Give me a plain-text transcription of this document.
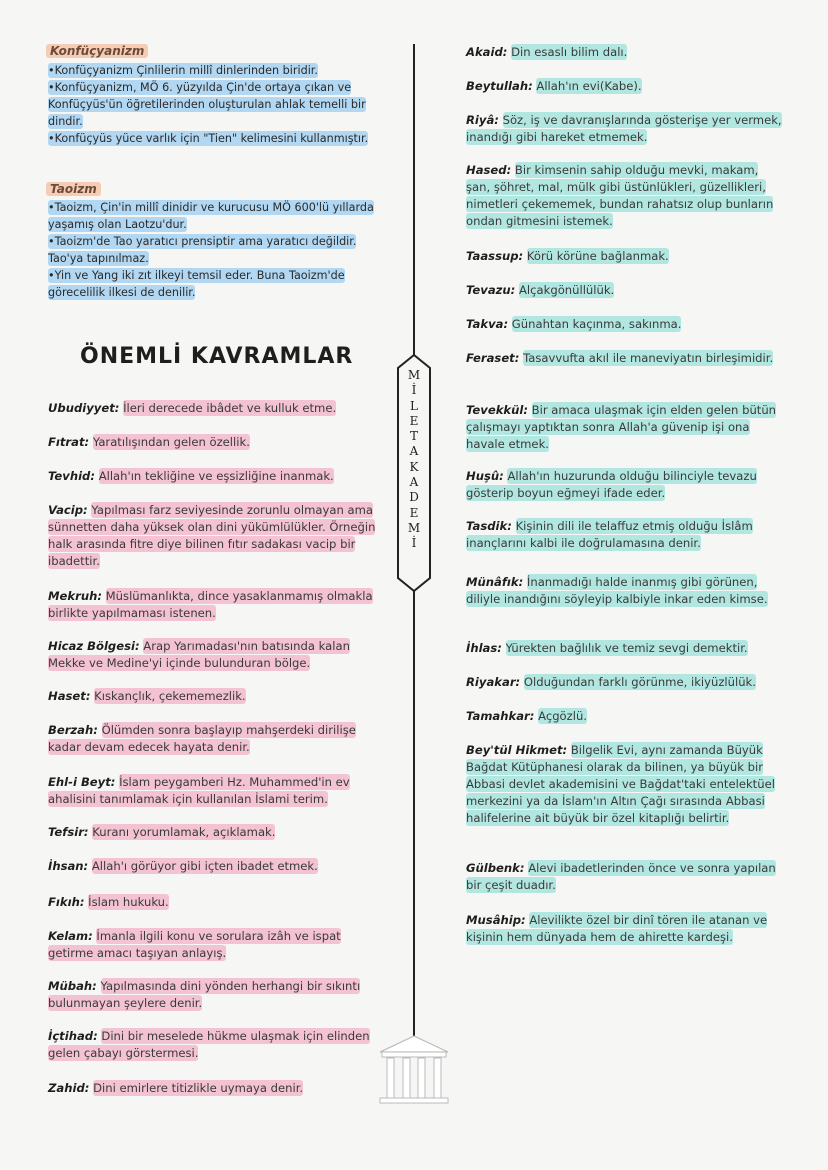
Konfüçyanizm

•Konfüçyanizm Çinlilerin millî dinlerinden biridir.

•Konfüçyanizm, MÖ 6. yüzyılda Çin'de ortaya çıkan ve Konfüçyüs'ün öğretilerinden oluşturulan ahlak temelli bir dindir.

•Konfüçyüs yüce varlık için "Tien" kelimesini kullanmıştır.

Taoizm

•Taoizm, Çin'in millî dinidir ve kurucusu MÖ 600'lü yıllarda yaşamış olan Laotzu'dur.

•Taoizm'de Tao yaratıcı prensiptir ama yaratıcı değildir. Tao'ya tapınılmaz.

•Yin ve Yang iki zıt ilkeyi temsil eder. Buna Taoizm'de görecelilik ilkesi de denilir.

ÖNEMLİ KAVRAMLAR
M
İ
L
E
T
A
K
A
D
E
M
İ
Ubudiyyet: İleri derecede ibâdet ve kulluk etme.
Fıtrat: Yaratılışından gelen özellik.
Tevhid: Allah'ın tekliğine ve eşsizliğine inanmak.
Vacip: Yapılması farz seviyesinde zorunlu olmayan ama sünnetten daha yüksek olan dini yükümlülükler. Örneğin halk arasında fitre diye bilinen fıtır sadakası vacip bir ibadettir.
Mekruh: Müslümanlıkta, dince yasaklanmamış olmakla birlikte yapılmaması istenen.
Hicaz Bölgesi: Arap Yarımadası'nın batısında kalan Mekke ve Medine'yi içinde bulunduran bölge.
Haset: Kıskançlık, çekememezlik.
Berzah: Ölümden sonra başlayıp mahşerdeki dirilişe kadar devam edecek hayata denir.
Ehl-i Beyt: İslam peygamberi Hz. Muhammed'in ev ahalisini tanımlamak için kullanılan İslami terim.
Tefsir: Kuranı yorumlamak, açıklamak.
İhsan: Allah'ı görüyor gibi içten ibadet etmek.
Fıkıh: İslam hukuku.
Kelam: İmanla ilgili konu ve sorulara izâh ve ispat getirme amacı taşıyan anlayış.
Mübah: Yapılmasında dini yönden herhangi bir sıkıntı bulunmayan şeylere denir.
İçtihad: Dini bir meselede hükme ulaşmak için elinden gelen çabayı görstermesi.
Zahid: Dini emirlere titizlikle uymaya denir.
Akaid: Din esaslı bilim dalı.
Beytullah: Allah'ın evi(Kabe).
Riyâ: Söz, iş ve davranışlarında gösterişe yer vermek, inandığı gibi hareket etmemek.
Hased: Bir kimsenin sahip olduğu mevki, makam, şan, şöhret, mal, mülk gibi üstünlükleri, güzellikleri, nimetleri çekememek, bundan rahatsız olup bunların ondan gitmesini istemek.
Taassup: Körü körüne bağlanmak.
Tevazu: Alçakgönüllülük.
Takva: Günahtan kaçınma, sakınma.
Feraset: Tasavvufta akıl ile maneviyatın birleşimidir.
Tevekkül: Bir amaca ulaşmak için elden gelen bütün çalışmayı yaptıktan sonra Allah'a güvenip işi ona havale etmek.
Huşû: Allah'ın huzurunda olduğu bilinciyle tevazu gösterip boyun eğmeyi ifade eder.
Tasdik: Kişinin dili ile telaffuz etmiş olduğu İslâm inançlarını kalbi ile doğrulamasına denir.
Münâfık: İnanmadığı halde inanmış gibi görünen, diliyle inandığını söyleyip kalbiyle inkar eden kimse.
İhlas: Yürekten bağlılık ve temiz sevgi demektir.
Riyakar: Olduğundan farklı görünme, ikiyüzlülük.
Tamahkar: Açgözlü.
Bey'tül Hikmet: Bilgelik Evi, aynı zamanda Büyük Bağdat Kütüphanesi olarak da bilinen, ya büyük bir Abbasi devlet akademisini ve Bağdat'taki entelektüel merkezini ya da İslam'ın Altın Çağı sırasında Abbasi halifelerine ait büyük bir özel kitaplığı belirtir.
Gülbenk: Alevi ibadetlerinden önce ve sonra yapılan bir çeşit duadır.
Musâhip: Alevilikte özel bir dinî tören ile atanan ve kişinin hem dünyada hem de ahirette kardeşi.
